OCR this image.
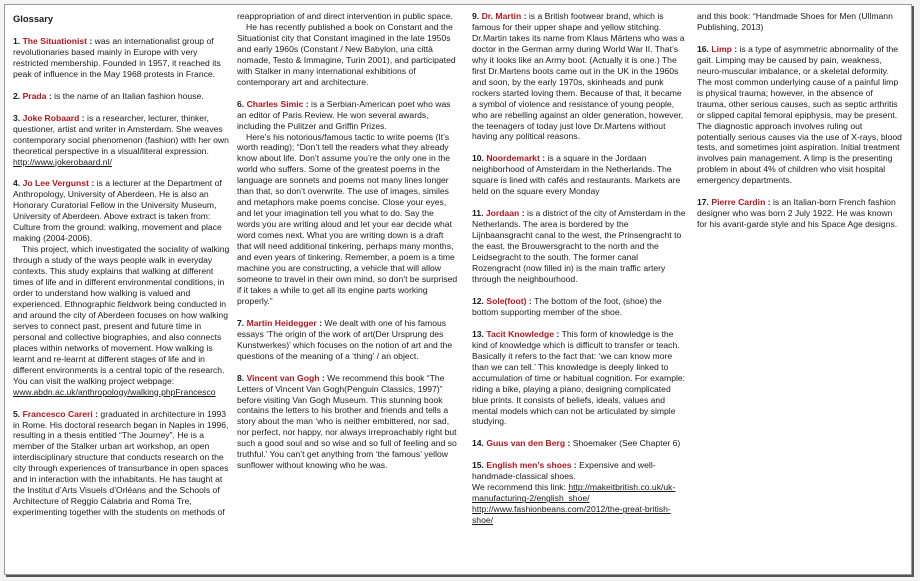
Glossary

1. The Situationist : was an internationalist group of revolutionaries based mainly in Europe with very restricted membership. Founded in 1957, it reached its peak of influence in the May 1968 protests in France.

2. Prada : is the name of an Italian fashion house.

3. Joke Robaard : is a researcher, lecturer, thinker, questioner, artist and writer in Amsterdam. She weaves contemporary social phenomenon (fashion) with her own theoretical perspective in a visual/literal expression. http://www.jokerobaard.nl/

4. Jo Lee Vergunst : is a lecturer at the Department of Anthropology, University of Aberdeen. He is also an Honorary Curatorial Fellow in the University Museum, University of Aberdeen. Above extract is taken from: Culture from the ground: walking, movement and place making (2004-2006).

This project, which investigated the sociality of walking through a study of the ways people walk in everyday contexts. This study explains that walking at different times of life and in different environmental conditions, in order to understand how walking is valued and experienced. Ethnographic fieldwork being conducted in and around the city of Aberdeen focuses on how walking serves to connect past, present and future time in personal and collective biographies, and also connects places within networks of movement. How walking is learnt and re-learnt at different stages of life and in different environments is a central topic of the research. You can visit the walking project webpage: www.abdn.ac.uk/anthropology/walking.phpFrancesco

5. Francesco Careri : graduated in architecture in 1993 in Rome. His doctoral research began in Naples in 1996, resulting in a thesis entitled “The Journey”. He is a member of the Stalker urban art workshop, an open interdisciplinary structure that conducts research on the city through experiences of transurbance in open spaces and in interaction with the inhabitants. He has taught at the Institut d’Arts Visuels d’Orléans and the Schools of Architecture of Reggio Calabria and Roma Tre, experimenting together with the students on methods of

reappropriation of and direct intervention in public space.

He has recently published a book on Constant and the Situationist city that Constant imagined in the late 1950s and early 1960s (Constant / New Babylon, una città nomade, Testo & Immagine, Turin 2001), and participated with Stalker in many international exhibitions of contemporary art and architecture.

6. Charles Simic : is a Serbian-American poet who was an editor of Paris Review. He won several awards, including the Pulitzer and Griffin Prizes.

Here’s his notorious/famous tactic to write poems (It’s worth reading); “Don’t tell the readers what they already know about life. Don’t assume you’re the only one in the world who suffers. Some of the greatest poems in the language are sonnets and poems not many lines longer than that, so don’t overwrite. The use of images, similes and metaphors make poems concise. Close your eyes, and let your imagination tell you what to do. Say the words you are writing aloud and let your ear decide what word comes next. What you are writing down is a draft that will need additional tinkering, perhaps many months, and even years of tinkering. Remember, a poem is a time machine you are constructing, a vehicle that will allow someone to travel in their own mind, so don’t be surprised if it takes a while to get all its engine parts working properly.”

7. Martin Heidegger : We dealt with one of his famous essays ‘The origin of the work of art(Der Ursprung des Kunstwerkes)’ which focuses on the notion of art and the questions of the meaning of a ‘thing’ / an object.

8. Vincent van Gogh : We recommend this book “The Letters of Vincent Van Gogh(Penguin Classics, 1997)” before visiting Van Gogh Museum. This stunning book contains the letters to his brother and friends and tells a story about the man ‘who is neither embittered, nor sad, nor perfect, nor happy, nor always irreproachably right but such a good soul and so wise and so full of feeling and so truthful.’ You can’t get anything from ‘the famous’ yellow sunflower without knowing who he was.

9. Dr. Martin : is a British footwear brand, which is famous for their upper shape and yellow stitching. Dr.Martin takes its name from Klaus Märtens who was a doctor in the German army during World War II. That’s why it looks like an Army boot. (Actually it is one.) The first Dr.Martens boots came out in the UK in the 1960s and soon, by the early 1970s, skinheads and punk rockers started loving them. Because of that, it became a symbol of violence and resistance of young people, who are rebelling against an older generation, however, the teenagers of today just love Dr.Martens without having any political reasons.

10. Noordemarkt : is a square in the Jordaan neighborhood of Amsterdam in the Netherlands. The square is lined with cafés and restaurants. Markets are held on the square every Monday

11. Jordaan : is a district of the city of Amsterdam in the Netherlands. The area is bordered by the Lijnbaansgracht canal to the west, the Prinsengracht to the east, the Brouwersgracht to the north and the Leidsegracht to the south. The former canal Rozengracht (now filled in) is the main traffic artery through the neighbourhood.

12. Sole(foot) : The bottom of the foot, (shoe) the bottom supporting member of the shoe.

13. Tacit Knowledge : This form of knowledge is the kind of knowledge which is difficult to transfer or teach. Basically it refers to the fact that: ‘we can know more than we can tell.’ This knowledge is deeply linked to accumulation of time or habitual cognition. For example: riding a bike, playing a piano, designing complicated blue prints. It consists of beliefs, ideals, values and mental models which can not be articulated by simple studying.

14. Guus van den Berg : Shoemaker (See Chapter 6)

15. English men’s shoes : Expensive and well-handmade-classical shoes.
We recommend this link: http://makeitbritish.co.uk/uk-manufacturing-2/english_shoe/
http://www.fashionbeans.com/2012/the-great-british-shoe/

and this book: “Handmade Shoes for Men (Ullmann Publishing, 2013)

16. Limp : is a type of asymmetric abnormality of the gait. Limping may be caused by pain, weakness, neuro-muscular imbalance, or a skeletal deformity. The most common underlying cause of a painful limp is physical trauma; however, in the absence of trauma, other serious causes, such as septic arthritis or slipped capital femoral epiphysis, may be present. The diagnostic approach involves ruling out potentially serious causes via the use of X-rays, blood tests, and sometimes joint aspiration. Initial treatment involves pain management. A limp is the presenting problem in about 4% of children who visit hospital emergency departments.

17. Pierre Cardin : is an Italian-born French fashion designer who was born 2 July 1922. He was known for his avant-garde style and his Space Age designs.
